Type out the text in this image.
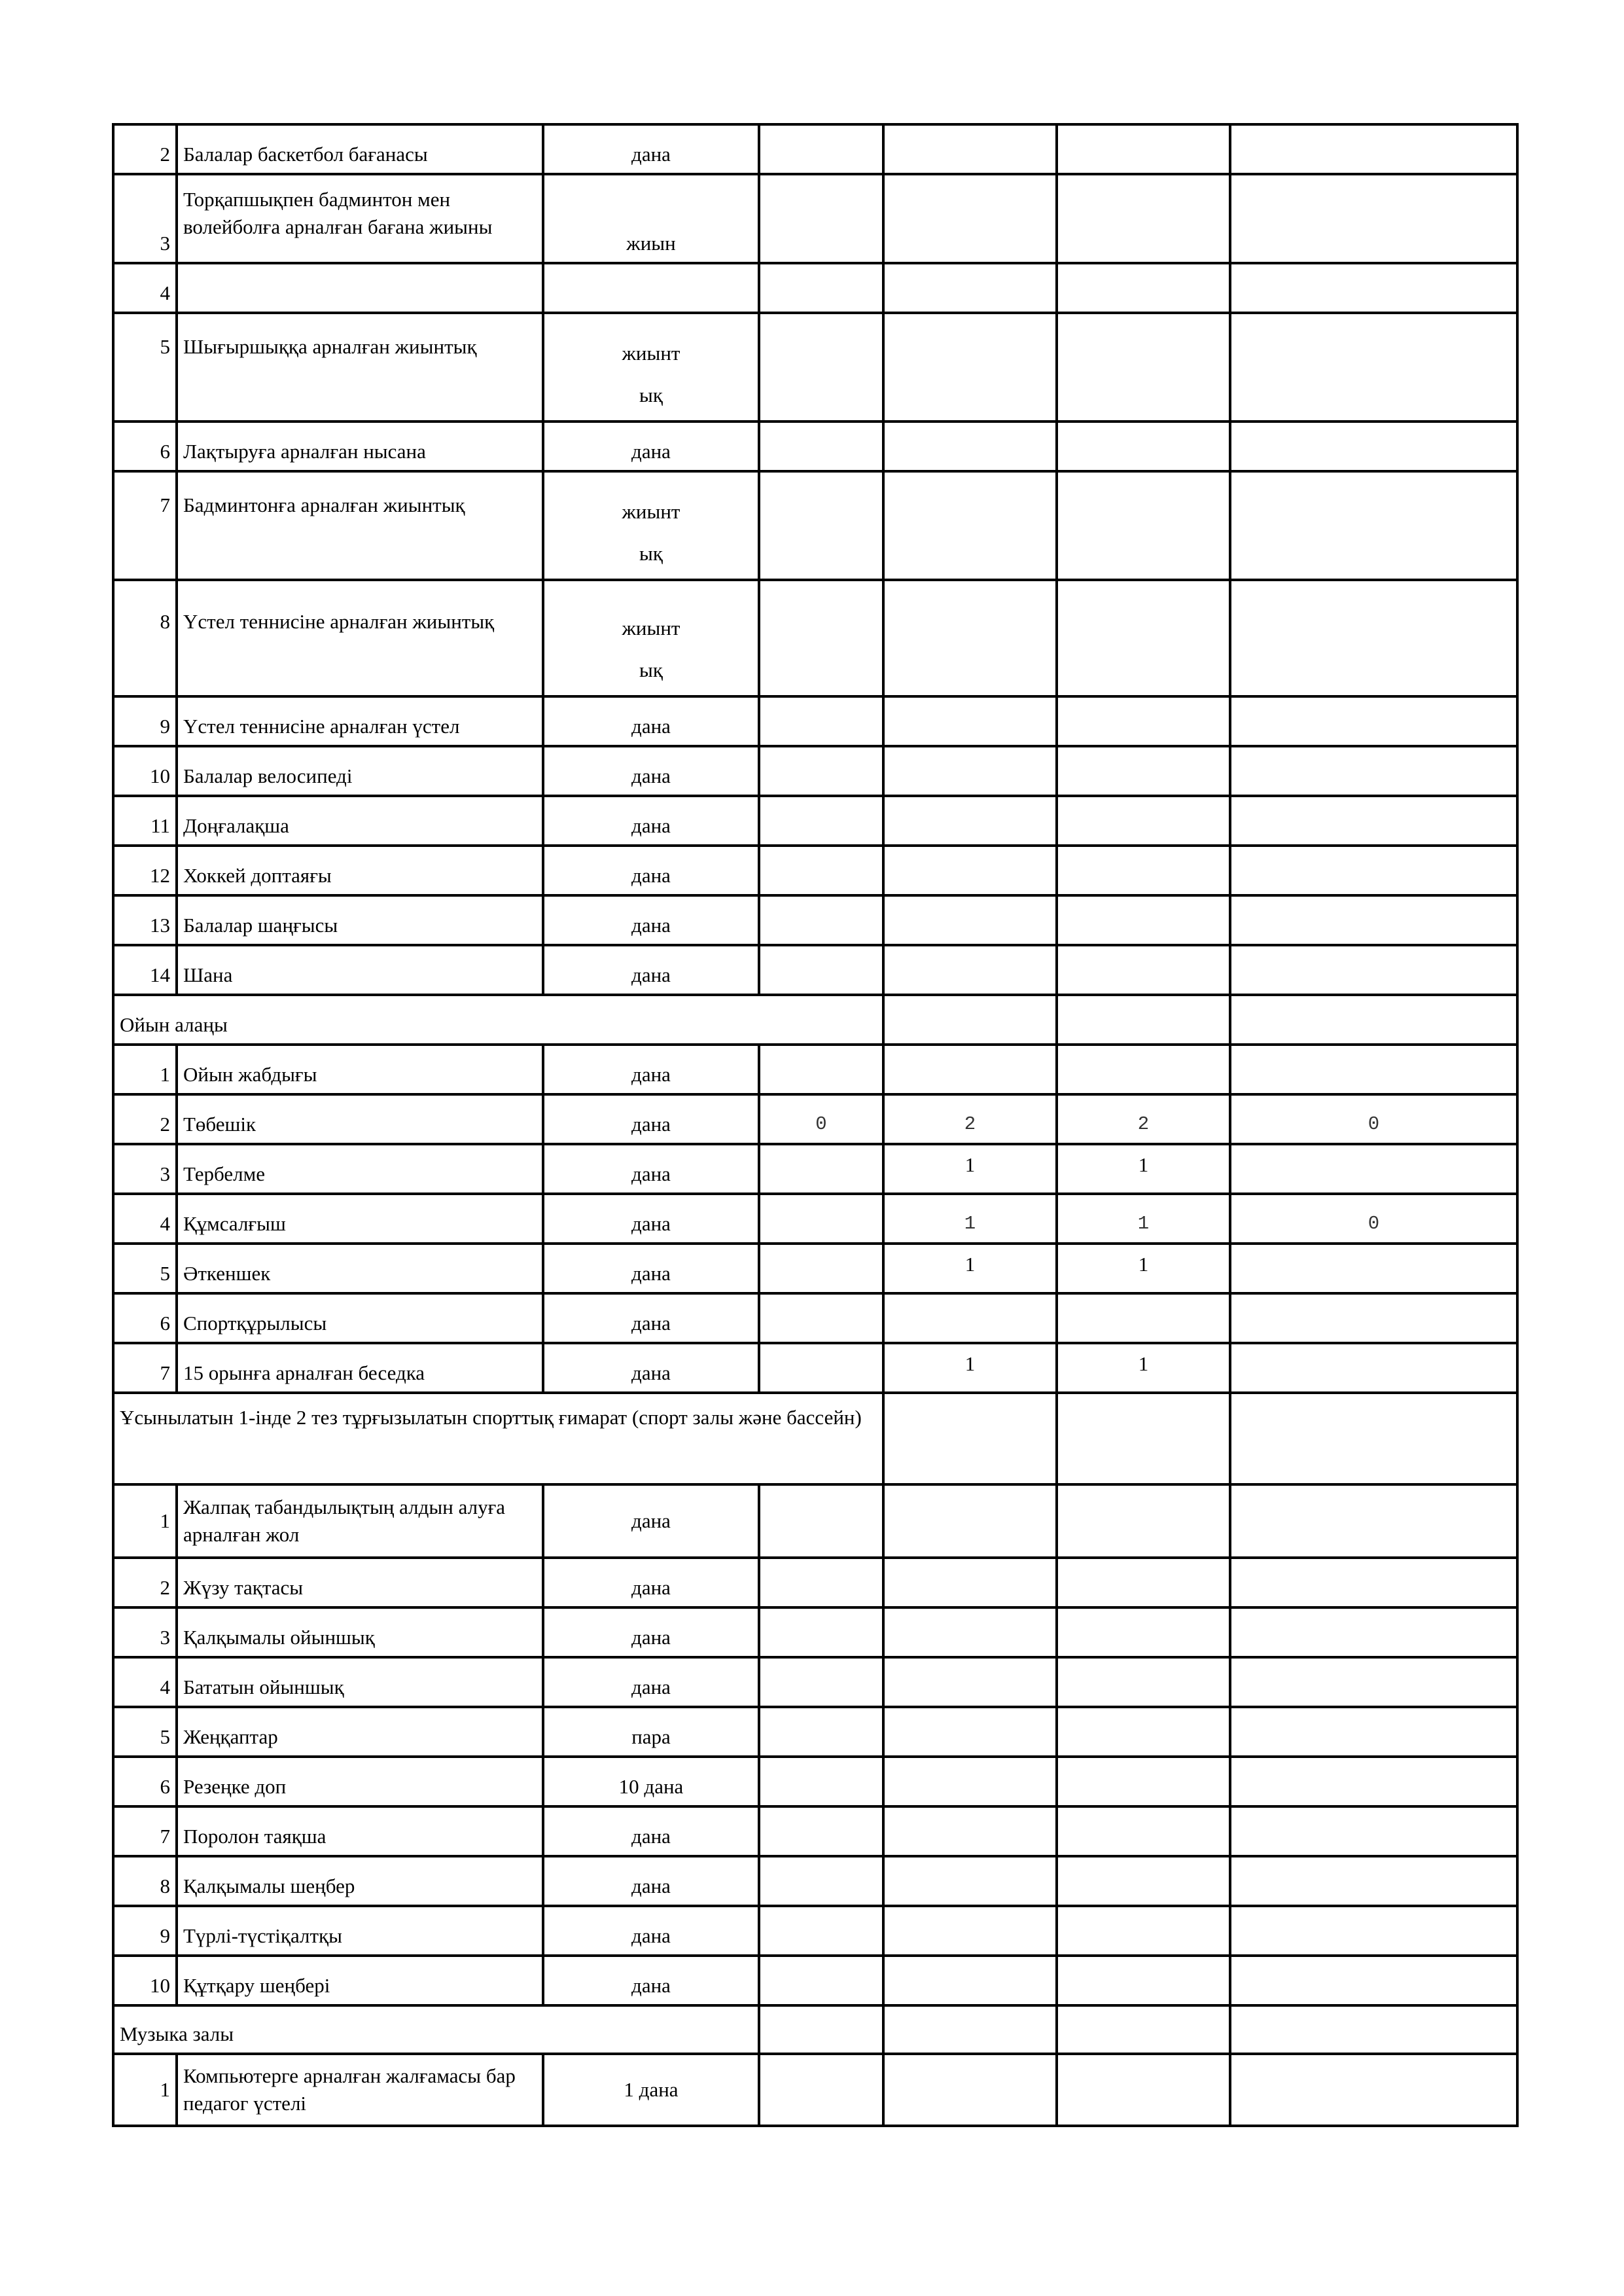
2	Балалар баскетбол бағанасы	дана				
3	Торқапшықпен бадминтон мен волейболға арналған бағана жиыны	жиын				
4						
5	Шығыршыққа арналған жиынтық	жиынт
ық				

6	Лақтыруға арналған нысана	дана				
7	Бадминтонға арналған жиынтық	жиынт
ық				

8	Үстел теннисіне арналған жиынтық	жиынт
ық				

9	Үстел теннисіне арналған үстел	дана				
10	Балалар велосипеді	дана				
11	Доңғалақша	дана				
12	Хоккей доптаяғы	дана				
13	Балалар шаңғысы	дана				
14	Шана	дана				
Ойын алаңы						
1	Ойын жабдығы	дана				
2	Төбешік	дана	0	2	2	0
3	Тербелме	дана		1	1	
4	Құмсалғыш	дана		1	1	0
5	Әткеншек	дана		1	1	
6	Спортқұрылысы	дана				
7	15 орынға арналған беседка	дана		1	1	
Ұсынылатын 1-інде 2 тез тұрғызылатын спорттық ғимарат (спорт залы және бассейн)						
1	Жалпақ табандылықтың алдын алуға арналған жол	дана				
2	Жүзу тақтасы	дана				
3	Қалқымалы ойыншық	дана				
4	Бататын ойыншық	дана				
5	Жеңқаптар	пара				
6	Резеңке доп	10 дана				
7	Поролон таяқша	дана				
8	Қалқымалы шеңбер	дана				
9	Түрлі-түстіқалтқы	дана				
10	Құтқару шеңбері	дана				
Музыка залы						
1	Компьютерге арналған жалғамасы бар педагог үстелі	1 дана				
